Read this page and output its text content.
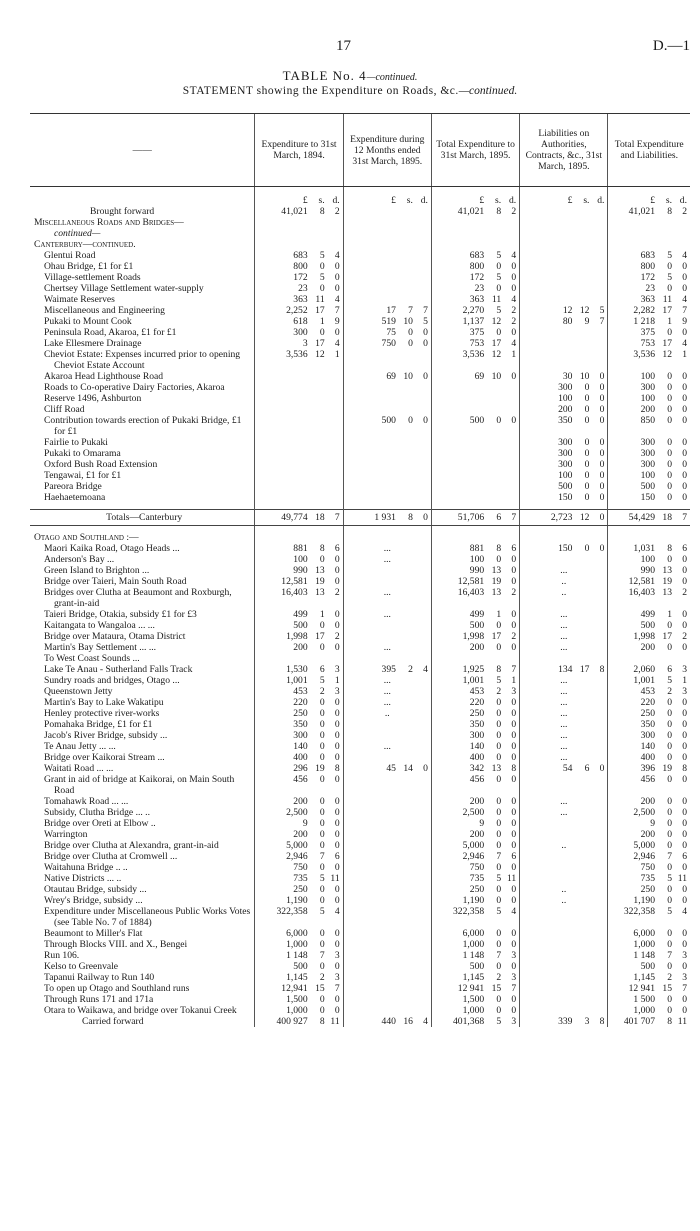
17	D.—1
TABLE No. 4—continued.
STATEMENT showing the Expenditure on Roads, &c.—continued.
——	Expenditure to 31st March, 1894.	Expenditure during 12 Months ended 31st March, 1895.	Total Expenditure to 31st March, 1895.	Liabilities on Authorities, Contracts, &c., 31st March, 1895.	Total Expenditure and Liabilities.

	£ s. d.	£ s. d.	£ s. d.	£ s. d.	£ s. d.

Brought forward	41,021 8 2		41,021 8 2		41,021 8 2

Miscellaneous Roads and Bridges—					

continued—					

Canterbury—continued.					

Glentui Road	683 5 4		683 5 4		683 5 4

Ohau Bridge, £1 for £1	800 0 0		800 0 0		800 0 0

Village-settlement Roads	172 5 0		172 5 0		172 5 0

Chertsey Village Settlement water-supply	23 0 0		23 0 0		23 0 0

Waimate Reserves	363 11 4		363 11 4		363 11 4

Miscellaneous and Engineering	2,252 17 7	17 7 7	2,270 5 2	12 12 5	2,282 17 7

Pukaki to Mount Cook	618 1 9	519 10 5	1,137 12 2	80 9 7	1 218 1 9

Peninsula Road, Akaroa, £1 for £1	300 0 0	75 0 0	375 0 0		375 0 0

Lake Ellesmere Drainage	3 17 4	750 0 0	753 17 4		753 17 4

Cheviot Estate: Expenses incurred prior to opening Cheviot Estate Account	3,536 12 1		3,536 12 1		3,536 12 1

Akaroa Head Lighthouse Road		69 10 0	69 10 0	30 10 0	100 0 0

Roads to Co-operative Dairy Factories, Akaroa				300 0 0	300 0 0

Reserve 1496, Ashburton				100 0 0	100 0 0

Cliff Road				200 0 0	200 0 0

Contribution towards erection of Pukaki Bridge, £1 for £1		500 0 0	500 0 0	350 0 0	850 0 0

Fairlie to Pukaki				300 0 0	300 0 0

Pukaki to Omarama				300 0 0	300 0 0

Oxford Bush Road Extension				300 0 0	300 0 0

Tengawai, £1 for £1				100 0 0	100 0 0

Pareora Bridge				500 0 0	500 0 0

Haehaetemoana				150 0 0	150 0 0

Totals—Canterbury	49,774 18 7	1 931 8 0	51,706 6 7	2,723 12 0	54,429 18 7

Otago and Southland :—					

Maori Kaika Road, Otago Heads ...	881 8 6	...	881 8 6	150 0 0	1,031 8 6

Anderson's Bay ...	100 0 0	...	100 0 0		100 0 0

Green Island to Brighton ...	990 13 0		990 13 0	...	990 13 0

Bridge over Taieri, Main South Road	12,581 19 0		12,581 19 0	..	12,581 19 0

Bridges over Clutha at Beaumont and Roxburgh, grant-in-aid	16,403 13 2	...	16,403 13 2	..	16,403 13 2

Taieri Bridge, Otakia, subsidy £1 for £3	499 1 0	...	499 1 0	...	499 1 0

Kaitangata to Wangaloa ... ...	500 0 0		500 0 0	...	500 0 0

Bridge over Mataura, Otama District	1,998 17 2		1,998 17 2	...	1,998 17 2

Martin's Bay Settlement ... ...	200 0 0	...	200 0 0	...	200 0 0

To West Coast Sounds ...					

Lake Te Anau - Sutherland Falls Track	1,530 6 3	395 2 4	1,925 8 7	134 17 8	2,060 6 3

Sundry roads and bridges, Otago ...	1,001 5 1	...	1,001 5 1	...	1,001 5 1

Queenstown Jetty	453 2 3	...	453 2 3	...	453 2 3

Martin's Bay to Lake Wakatipu	220 0 0	...	220 0 0	...	220 0 0

Henley protective river-works	250 0 0	..	250 0 0	...	250 0 0

Pomahaka Bridge, £1 for £1	350 0 0		350 0 0	...	350 0 0

Jacob's River Bridge, subsidy ...	300 0 0		300 0 0	...	300 0 0

Te Anau Jetty ... ...	140 0 0	...	140 0 0	...	140 0 0

Bridge over Kaikorai Stream ...	400 0 0		400 0 0	...	400 0 0

Waitati Road ... ...	296 19 8	45 14 0	342 13 8	54 6 0	396 19 8

Grant in aid of bridge at Kaikorai, on Main South Road	456 0 0		456 0 0		456 0 0

Tomahawk Road ... ...	200 0 0		200 0 0	...	200 0 0

Subsidy, Clutha Bridge ... ..	2,500 0 0		2,500 0 0	...	2,500 0 0

Bridge over Oreti at Elbow ..	9 0 0		9 0 0		9 0 0

Warrington	200 0 0		200 0 0		200 0 0

Bridge over Clutha at Alexandra, grant-in-aid	5,000 0 0		5,000 0 0	..	5,000 0 0

Bridge over Clutha at Cromwell ...	2,946 7 6		2,946 7 6		2,946 7 6

Waitahuna Bridge .. ..	750 0 0		750 0 0		750 0 0

Native Districts ... ..	735 5 11		735 5 11		735 5 11

Otautau Bridge, subsidy ...	250 0 0		250 0 0	..	250 0 0

Wrey's Bridge, subsidy ...	1,190 0 0		1,190 0 0	..	1,190 0 0

Expenditure under Miscellaneous Public Works Votes (see Table No. 7 of 1884)	322,358 5 4		322,358 5 4		322,358 5 4

Beaumont to Miller's Flat	6,000 0 0		6,000 0 0		6,000 0 0

Through Blocks VIII. and X., Bengei	1,000 0 0		1,000 0 0		1,000 0 0

Run 106.	1 148 7 3		1 148 7 3		1 148 7 3

Kelso to Greenvale	500 0 0		500 0 0		500 0 0

Tapanui Railway to Run 140	1,145 2 3		1,145 2 3		1,145 2 3

To open up Otago and Southland runs	12,941 15 7		12 941 15 7		12 941 15 7

Through Runs 171 and 171a	1,500 0 0		1,500 0 0		1 500 0 0

Otara to Waikawa, and bridge over Tokanui Creek	1,000 0 0		1,000 0 0		1,000 0 0

Carried forward	400 927 8 11	440 16 4	401,368 5 3	339 3 8	401 707 8 11
